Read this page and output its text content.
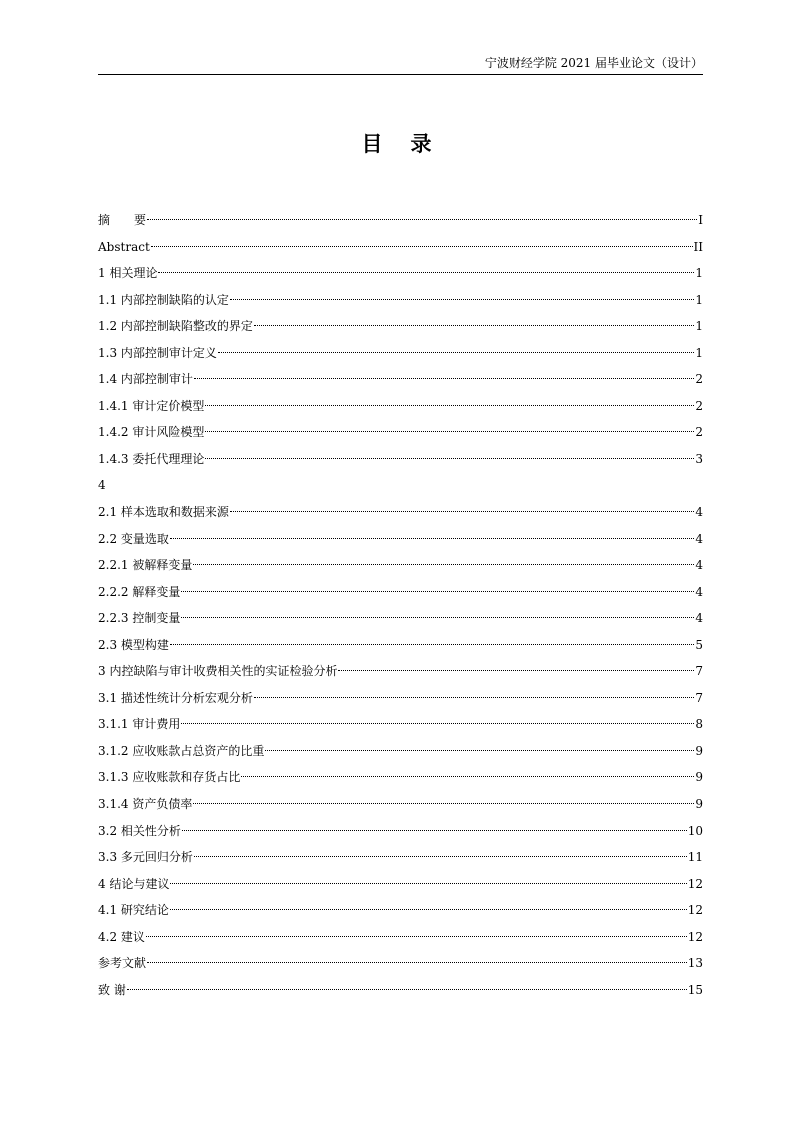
宁波财经学院 2021 届毕业论文（设计）
目录
摘　　要	I
Abstract	II
1 相关理论	1
1.1 内部控制缺陷的认定	1
1.2 内部控制缺陷整改的界定	1
1.3 内部控制审计定义	1
1.4 内部控制审计	2
1.4.1 审计定价模型	2
1.4.2 审计风险模型	2
1.4.3 委托代理理论	3
4
2.1 样本选取和数据来源	4
2.2 变量选取	4
2.2.1 被解释变量	4
2.2.2 解释变量	4
2.2.3 控制变量	4
2.3 模型构建	5
3 内控缺陷与审计收费相关性的实证检验分析	7
3.1 描述性统计分析宏观分析	7
3.1.1 审计费用	8
3.1.2 应收账款占总资产的比重	9
3.1.3 应收账款和存货占比	9
3.1.4 资产负债率	9
3.2 相关性分析	10
3.3 多元回归分析	11
4 结论与建议	12
4.1 研究结论	12
4.2 建议	12
参考文献	13
致 谢	15
